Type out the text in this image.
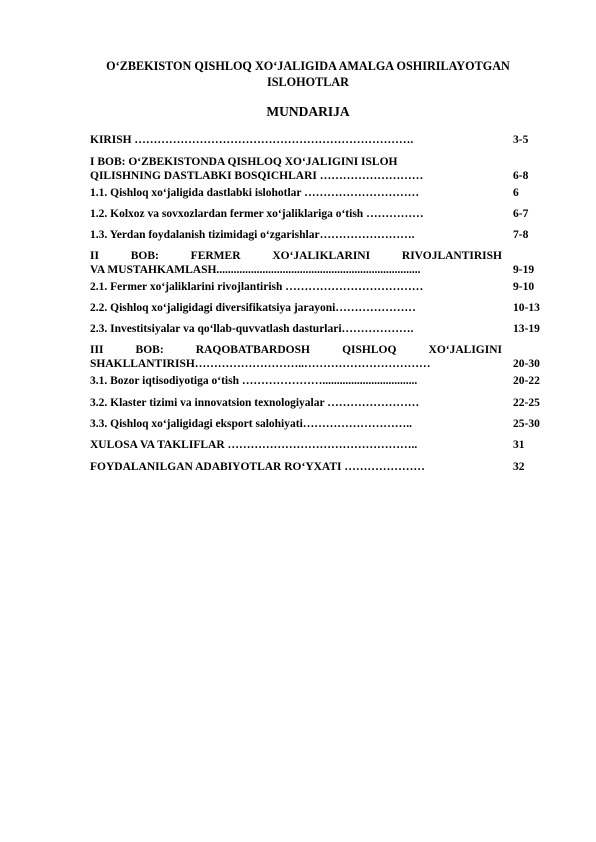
O‘ZBEKISTON QISHLOQ XO‘JALIGIDA AMALGA OSHIRILAYOTGAN
ISLOHOTLAR
MUNDARIJA
KIRISH ……………………………………………………………….	3-5
I BOB: O‘ZBEKISTONDA QISHLOQ XO‘JALIGINI ISLOH
QILISHNING DASTLABKI BOSQICHLARI ………………………	6-8
1.1. Qishloq xo‘jaligida dastlabki islohotlar …………………………	6
1.2. Kolxoz va sovxozlardan fermer xo‘jaliklariga o‘tish ……………	6-7
1.3. Yerdan foydalanish tizimidagi o‘zgarishlar…………………….	7-8
II BOB: FERMER XO‘JALIKLARINI RIVOJLANTIRISH
VA MUSTAHKAMLASH.......................................................................	9-19
2.1. Fermer xo‘jaliklarini rivojlantirish ………………………………	9-10
2.2. Qishloq xo‘jaligidagi diversifikatsiya jarayoni…………………	10-13
2.3. Investitsiyalar va qo‘llab-quvvatlash dasturlari……………….	13-19
III BOB: RAQOBATBARDOSH QISHLOQ XO‘JALIGINI
SHAKLLANTIRISH………………………..……………………………	20-30
3.1. Bozor iqtisodiyotiga o‘tish ………………….................................	20-22
3.2. Klaster tizimi va innovatsion texnologiyalar ……………………	22-25
3.3. Qishloq xo‘jaligidagi eksport salohiyati………………………..	25-30
XULOSA VA TAKLIFLAR …………………………………………..	31
FOYDALANILGAN ADABIYOTLAR RO‘YXATI …………………	32
